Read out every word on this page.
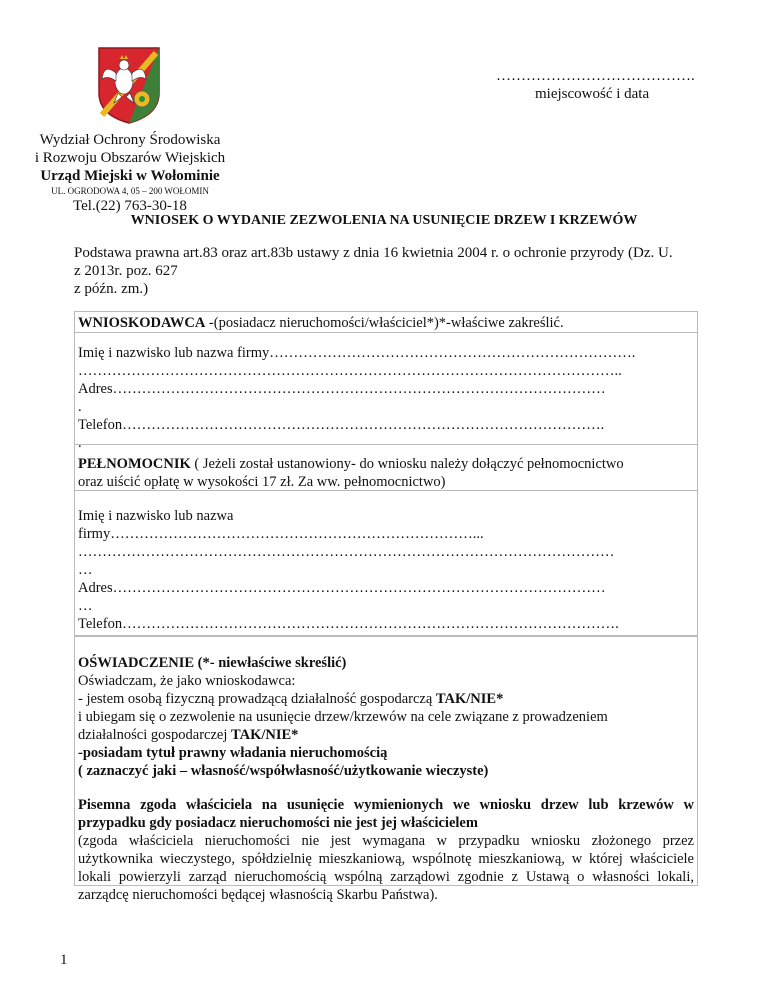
………………………………….
miejscowość i data
Wydział Ochrony Środowiska
i Rozwoju Obszarów Wiejskich
Urząd Miejski w Wołominie
UL. OGRODOWA 4, 05 – 200 WOŁOMIN
Tel.(22) 763-30-18
WNIOSEK O WYDANIE ZEZWOLENIA NA USUNIĘCIE DRZEW I KRZEWÓW
Podstawa prawna art.83 oraz art.83b ustawy z dnia 16 kwietnia 2004 r. o ochronie przyrody (Dz. U.
z 2013r. poz. 627
z późn. zm.)
WNIOSKODAWCA -(posiadacz nieruchomości/właściciel*)*-właściwe zakreślić.
Imię i nazwisko lub nazwa firmy………………………………………………………………….
…………………………………………………………………………………………………..
Adres…………………………………………………………………………………………
.
Telefon……………………………………………………………………………………….
.
PEŁNOMOCNIK ( Jeżeli został ustanowiony- do wniosku należy dołączyć pełnomocnictwo
oraz uiścić opłatę w wysokości 17 zł. Za ww. pełnomocnictwo)
Imię i nazwisko lub nazwa
firmy…………………………………………………………………...
…………………………………………………………………………………………………
…
Adres…………………………………………………………………………………………
…
Telefon………………………………………………………………………………………….
OŚWIADCZENIE (*- niewłaściwe skreślić)
Oświadczam, że jako wnioskodawca:
- jestem osobą fizyczną prowadzącą działalność gospodarczą TAK/NIE*
i ubiegam się o zezwolenie na usunięcie drzew/krzewów na cele związane z prowadzeniem
działalności gospodarczej TAK/NIE*
-posiadam tytuł prawny władania nieruchomością
( zaznaczyć jaki – własność/współwłasność/użytkowanie wieczyste)
Pisemna zgoda właściciela na usunięcie wymienionych we wniosku drzew lub krzewów w przypadku gdy posiadacz nieruchomości nie jest jej właścicielem
(zgoda właściciela nieruchomości nie jest wymagana w przypadku wniosku złożonego przez użytkownika wieczystego, spółdzielnię mieszkaniową, wspólnotę mieszkaniową, w której właściciele lokali powierzyli zarząd nieruchomością wspólną zarządowi zgodnie z Ustawą o własności lokali, zarządcę nieruchomości będącej własnością Skarbu Państwa).
1
